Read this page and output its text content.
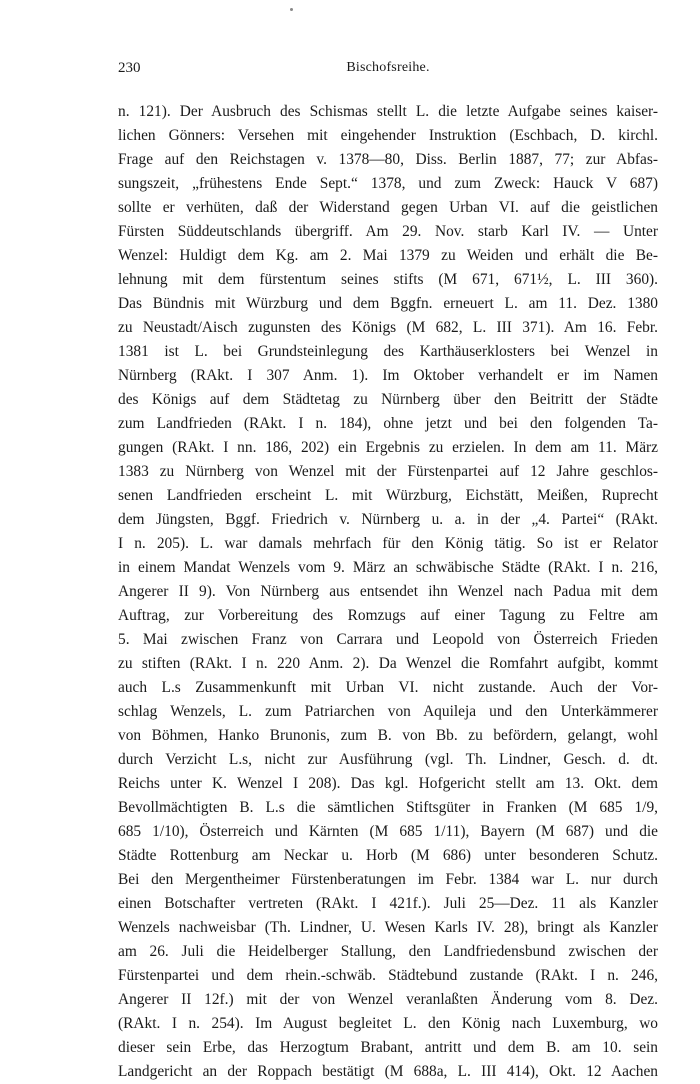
230	Bischofsreihe.
n. 121). Der Ausbruch des Schismas stellt L. die letzte Aufgabe seines kaiser-
lichen Gönners: Versehen mit eingehender Instruktion (Eschbach, D. kirchl.
Frage auf den Reichstagen v. 1378—80, Diss. Berlin 1887, 77; zur Abfas-
sungszeit, „frühestens Ende Sept.“ 1378, und zum Zweck: Hauck V 687)
sollte er verhüten, daß der Widerstand gegen Urban VI. auf die geistlichen
Fürsten Süddeutschlands übergriff. Am 29. Nov. starb Karl IV. — Unter
Wenzel: Huldigt dem Kg. am 2. Mai 1379 zu Weiden und erhält die Be-
lehnung mit dem fürstentum seines stifts (M 671, 671½, L. III 360).
Das Bündnis mit Würzburg und dem Bggfn. erneuert L. am 11. Dez. 1380
zu Neustadt/Aisch zugunsten des Königs (M 682, L. III 371). Am 16. Febr.
1381 ist L. bei Grundsteinlegung des Karthäuserklosters bei Wenzel in
Nürnberg (RAkt. I 307 Anm. 1). Im Oktober verhandelt er im Namen
des Königs auf dem Städtetag zu Nürnberg über den Beitritt der Städte
zum Landfrieden (RAkt. I n. 184), ohne jetzt und bei den folgenden Ta-
gungen (RAkt. I nn. 186, 202) ein Ergebnis zu erzielen. In dem am 11. März
1383 zu Nürnberg von Wenzel mit der Fürstenpartei auf 12 Jahre geschlos-
senen Landfrieden erscheint L. mit Würzburg, Eichstätt, Meißen, Ruprecht
dem Jüngsten, Bggf. Friedrich v. Nürnberg u. a. in der „4. Partei“ (RAkt.
I n. 205). L. war damals mehrfach für den König tätig. So ist er Relator
in einem Mandat Wenzels vom 9. März an schwäbische Städte (RAkt. I n. 216,
Angerer II 9). Von Nürnberg aus entsendet ihn Wenzel nach Padua mit dem
Auftrag, zur Vorbereitung des Romzugs auf einer Tagung zu Feltre am
5. Mai zwischen Franz von Carrara und Leopold von Österreich Frieden
zu stiften (RAkt. I n. 220 Anm. 2). Da Wenzel die Romfahrt aufgibt, kommt
auch L.s Zusammenkunft mit Urban VI. nicht zustande. Auch der Vor-
schlag Wenzels, L. zum Patriarchen von Aquileja und den Unterkämmerer
von Böhmen, Hanko Brunonis, zum B. von Bb. zu befördern, gelangt, wohl
durch Verzicht L.s, nicht zur Ausführung (vgl. Th. Lindner, Gesch. d. dt.
Reichs unter K. Wenzel I 208). Das kgl. Hofgericht stellt am 13. Okt. dem
Bevollmächtigten B. L.s die sämtlichen Stiftsgüter in Franken (M 685 1/9,
685 1/10), Österreich und Kärnten (M 685 1/11), Bayern (M 687) und die
Städte Rottenburg am Neckar u. Horb (M 686) unter besonderen Schutz.
Bei den Mergentheimer Fürstenberatungen im Febr. 1384 war L. nur durch
einen Botschafter vertreten (RAkt. I 421f.). Juli 25—Dez. 11 als Kanzler
Wenzels nachweisbar (Th. Lindner, U. Wesen Karls IV. 28), bringt als Kanzler
am 26. Juli die Heidelberger Stallung, den Landfriedensbund zwischen der
Fürstenpartei und dem rhein.-schwäb. Städtebund zustande (RAkt. I n. 246,
Angerer II 12f.) mit der von Wenzel veranlaßten Änderung vom 8. Dez.
(RAkt. I n. 254). Im August begleitet L. den König nach Luxemburg, wo
dieser sein Erbe, das Herzogtum Brabant, antritt und dem B. am 10. sein
Landgericht an der Roppach bestätigt (M 688a, L. III 414), Okt. 12 Aachen
